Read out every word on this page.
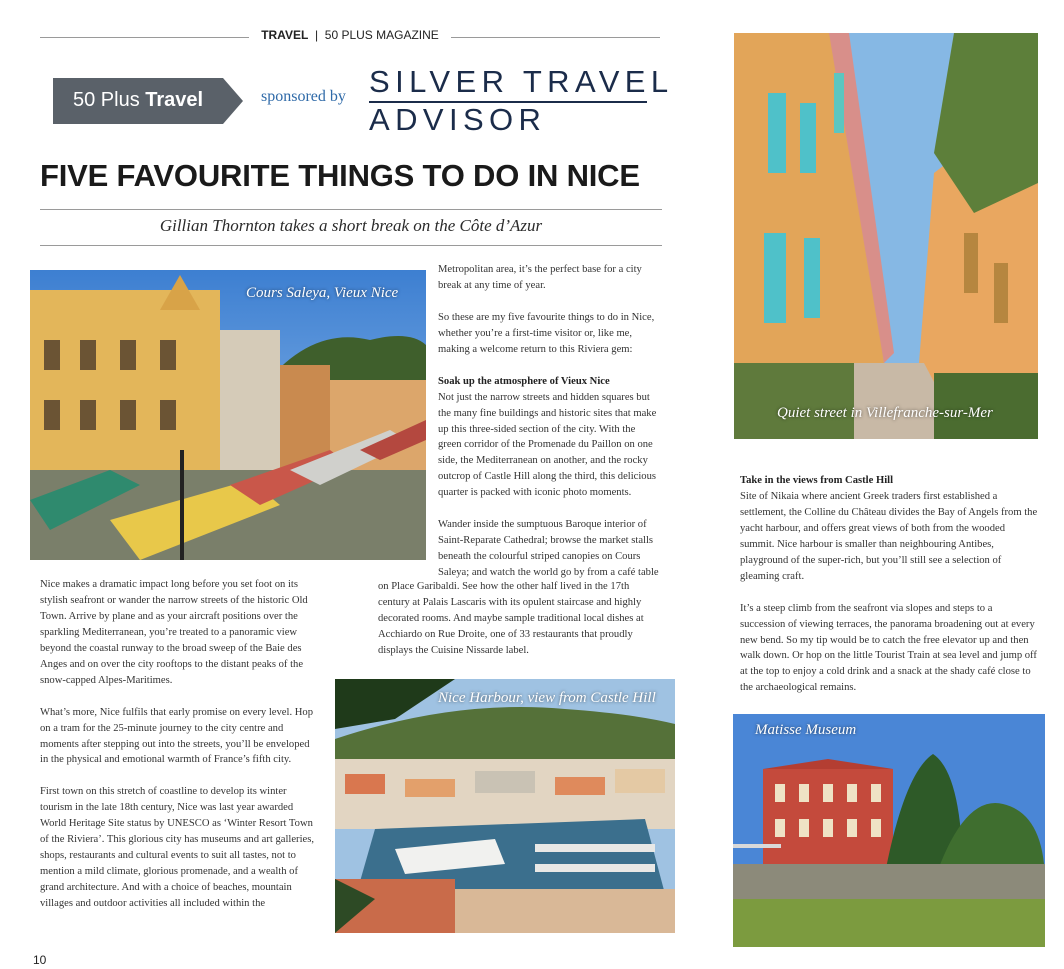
TRAVEL | 50 PLUS MAGAZINE
50 Plus Travel	sponsored by SILVER TRAVEL
ADVISOR
FIVE FAVOURITE THINGS TO DO IN NICE
Gillian Thornton takes a short break on the Côte d’Azur
Cours Saleya, Vieux Nice
Quiet street in Villefranche-sur-Mer
Nice Harbour, view from Castle Hill
Matisse Museum

Nice makes a dramatic impact long before you set foot on its stylish seafront or wander the narrow streets of the historic Old Town. Arrive by plane and as your aircraft positions over the sparkling Mediterranean, you’re treated to a panoramic view beyond the coastal runway to the broad sweep of the Baie des Anges and on over the city rooftops to the distant peaks of the snow-capped Alpes-Maritimes.

What’s more, Nice fulfils that early promise on every level. Hop on a tram for the 25-minute journey to the city centre and moments after stepping out into the streets, you’ll be enveloped in the physical and emotional warmth of France’s fifth city.

First town on this stretch of coastline to develop its winter tourism in the late 18th century, Nice was last year awarded World Heritage Site status by UNESCO as ‘Winter Resort Town of the Riviera’. This glorious city has museums and art galleries, shops, restaurants and cultural events to suit all tastes, not to mention a mild climate, glorious promenade, and a wealth of grand architecture. And with a choice of beaches, mountain villages and outdoor activities all included within the

Metropolitan area, it’s the perfect base for a city break at any time of year.

So these are my five favourite things to do in Nice, whether you’re a first-time visitor or, like me, making a welcome return to this Riviera gem:

Soak up the atmosphere of Vieux Nice

Not just the narrow streets and hidden squares but the many fine buildings and historic sites that make up this three-sided section of the city. With the green corridor of the Promenade du Paillon on one side, the Mediterranean on another, and the rocky outcrop of Castle Hill along the third, this delicious quarter is packed with iconic photo moments.

Wander inside the sumptuous Baroque interior of Saint-Reparate Cathedral; browse the market stalls beneath the colourful striped canopies on Cours Saleya; and watch the world go by from a café table

on Place Garibaldi. See how the other half lived in the 17th century at Palais Lascaris with its opulent staircase and highly decorated rooms. And maybe sample traditional local dishes at Acchiardo on Rue Droite, one of 33 restaurants that proudly displays the Cuisine Nissarde label.

Take in the views from Castle Hill

Site of Nikaia where ancient Greek traders first established a settlement, the Colline du Château divides the Bay of Angels from the yacht harbour, and offers great views of both from the wooded summit. Nice harbour is smaller than neighbouring Antibes, playground of the super-rich, but you’ll still see a selection of gleaming craft.

It’s a steep climb from the seafront via slopes and steps to a succession of viewing terraces, the panorama broadening out at every new bend. So my tip would be to catch the free elevator up and then walk down. Or hop on the little Tourist Train at sea level and jump off at the top to enjoy a cold drink and a snack at the shady café close to the archaeological remains.

10
